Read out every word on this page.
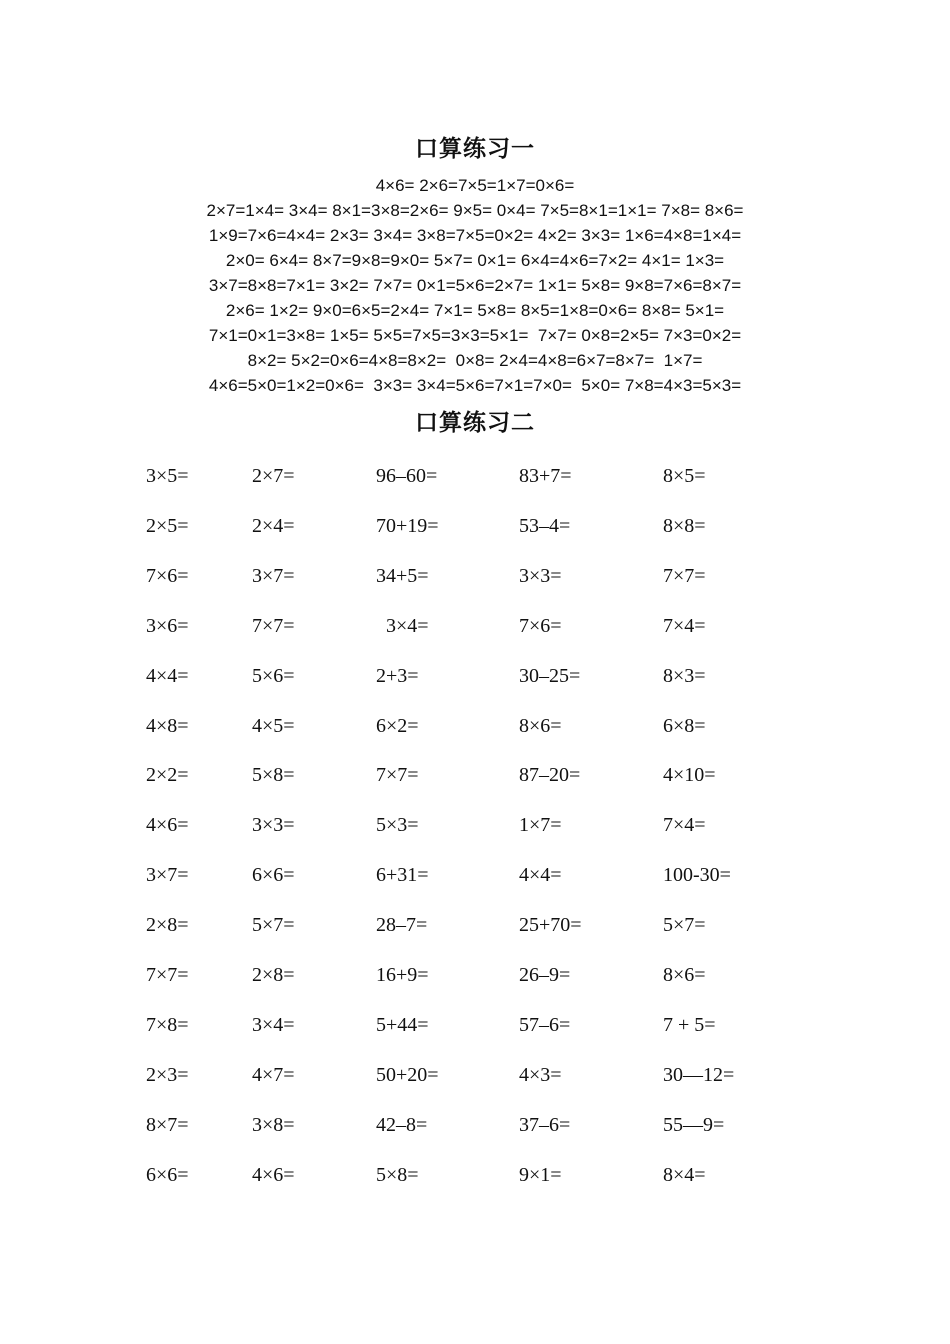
口算练习一
4×6= 2×6=7×5=1×7=0×6=
2×7=1×4= 3×4= 8×1=3×8=2×6= 9×5= 0×4= 7×5=8×1=1×1= 7×8= 8×6=
1×9=7×6=4×4= 2×3= 3×4= 3×8=7×5=0×2= 4×2= 3×3= 1×6=4×8=1×4=
2×0= 6×4= 8×7=9×8=9×0= 5×7= 0×1= 6×4=4×6=7×2= 4×1= 1×3=
3×7=8×8=7×1= 3×2= 7×7= 0×1=5×6=2×7= 1×1= 5×8= 9×8=7×6=8×7=
2×6= 1×2= 9×0=6×5=2×4= 7×1= 5×8= 8×5=1×8=0×6= 8×8= 5×1=
7×1=0×1=3×8= 1×5= 5×5=7×5=3×3=5×1=  7×7= 0×8=2×5= 7×3=0×2=
8×2= 5×2=0×6=4×8=8×2=  0×8= 2×4=4×8=6×7=8×7=  1×7=
4×6=5×0=1×2=0×6=  3×3= 3×4=5×6=7×1=7×0=  5×0= 7×8=4×3=5×3=
口算练习二
3×5=	2×7=	96–60=	83+7=	8×5=
2×5=	2×4=	70+19=	53–4=	8×8=
7×6=	3×7=	34+5=	3×3=	7×7=
3×6=	7×7=	3×4=	7×6=	7×4=
4×4=	5×6=	2+3=	30–25=	8×3=
4×8=	4×5=	6×2=	8×6=	6×8=
2×2=	5×8=	7×7=	87–20=	4×10=
4×6=	3×3=	5×3=	1×7=	7×4=
3×7=	6×6=	6+31=	4×4=	100-30=
2×8=	5×7=	28–7=	25+70=	5×7=
7×7=	2×8=	16+9=	26–9=	8×6=
7×8=	3×4=	5+44=	57–6=	7 + 5=
2×3=	4×7=	50+20=	4×3=	30—12=
8×7=	3×8=	42–8=	37–6=	55—9=
6×6=	4×6=	5×8=	9×1=	8×4=
